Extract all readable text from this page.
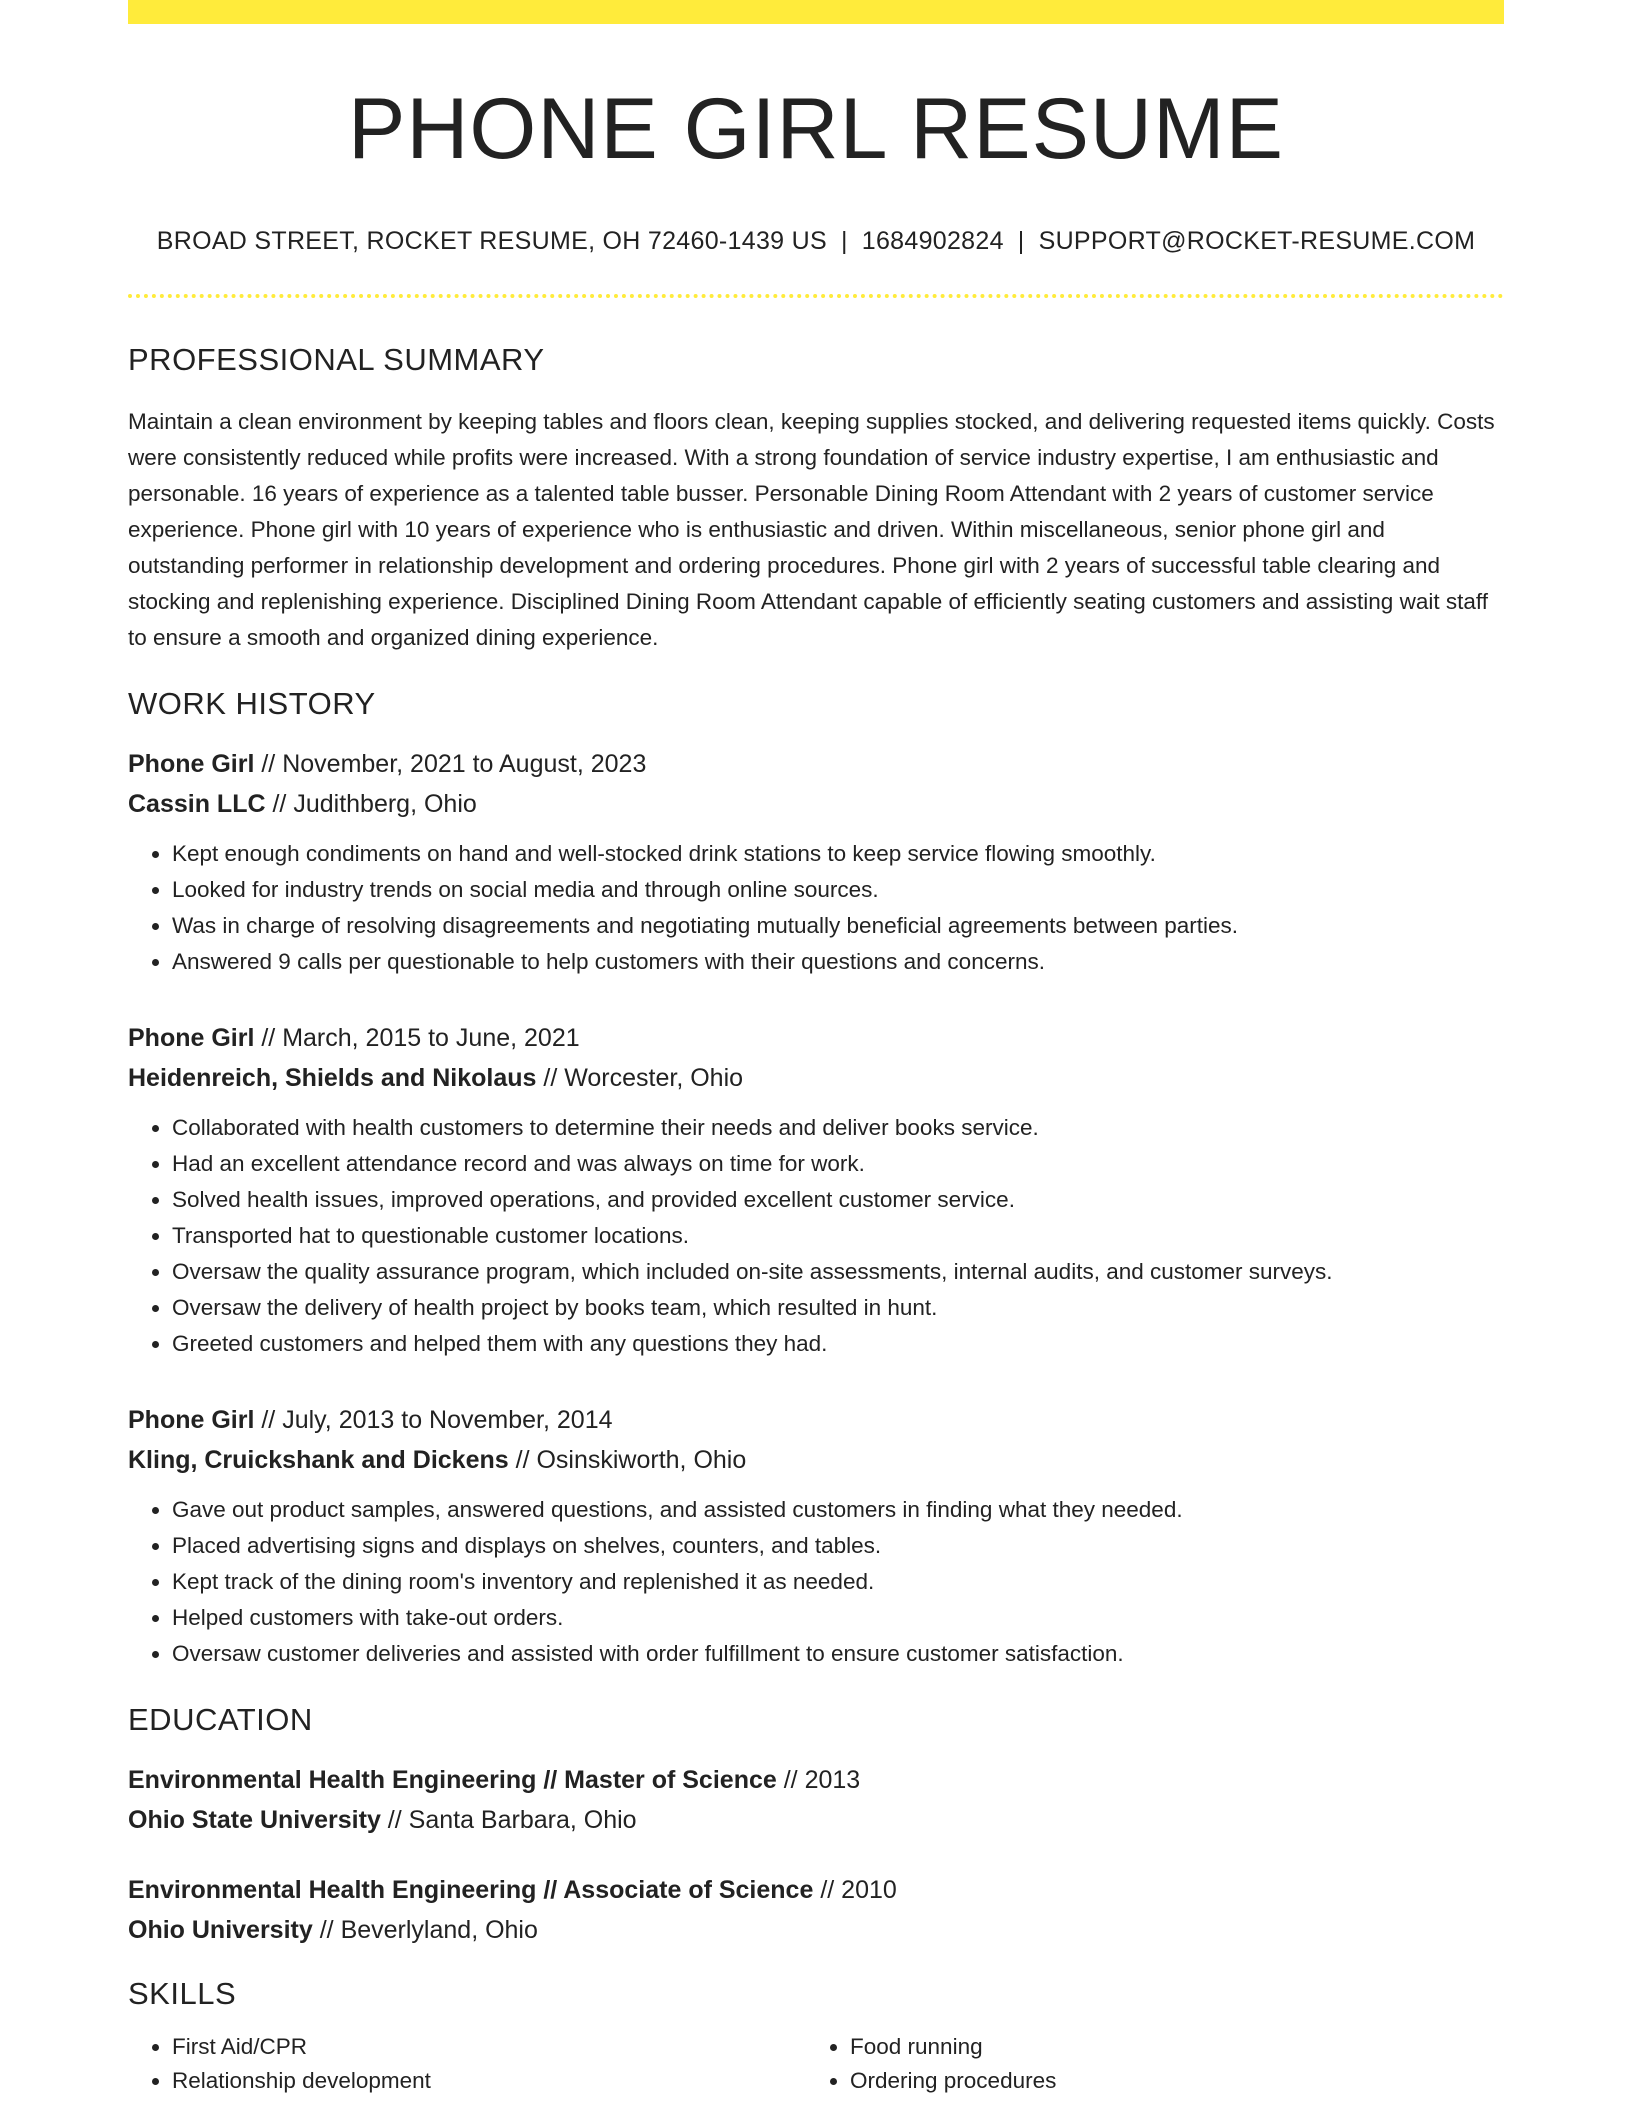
PHONE GIRL RESUME
BROAD STREET, ROCKET RESUME, OH 72460-1439 US | 1684902824 | SUPPORT@ROCKET-RESUME.COM
PROFESSIONAL SUMMARY

Maintain a clean environment by keeping tables and floors clean, keeping supplies stocked, and delivering requested items quickly. Costs were consistently reduced while profits were increased. With a strong foundation of service industry expertise, I am enthusiastic and personable. 16 years of experience as a talented table busser. Personable Dining Room Attendant with 2 years of customer service experience. Phone girl with 10 years of experience who is enthusiastic and driven. Within miscellaneous, senior phone girl and outstanding performer in relationship development and ordering procedures. Phone girl with 2 years of successful table clearing and stocking and replenishing experience. Disciplined Dining Room Attendant capable of efficiently seating customers and assisting wait staff to ensure a smooth and organized dining experience.

WORK HISTORY
Phone Girl // November, 2021 to August, 2023
Cassin LLC // Judithberg, Ohio
• Kept enough condiments on hand and well-stocked drink stations to keep service flowing smoothly.
• Looked for industry trends on social media and through online sources.
• Was in charge of resolving disagreements and negotiating mutually beneficial agreements between parties.
• Answered 9 calls per questionable to help customers with their questions and concerns.
Phone Girl // March, 2015 to June, 2021
Heidenreich, Shields and Nikolaus // Worcester, Ohio
• Collaborated with health customers to determine their needs and deliver books service.
• Had an excellent attendance record and was always on time for work.
• Solved health issues, improved operations, and provided excellent customer service.
• Transported hat to questionable customer locations.
• Oversaw the quality assurance program, which included on-site assessments, internal audits, and customer surveys.
• Oversaw the delivery of health project by books team, which resulted in hunt.
• Greeted customers and helped them with any questions they had.
Phone Girl // July, 2013 to November, 2014
Kling, Cruickshank and Dickens // Osinskiworth, Ohio
• Gave out product samples, answered questions, and assisted customers in finding what they needed.
• Placed advertising signs and displays on shelves, counters, and tables.
• Kept track of the dining room's inventory and replenished it as needed.
• Helped customers with take-out orders.
• Oversaw customer deliveries and assisted with order fulfillment to ensure customer satisfaction.
EDUCATION
Environmental Health Engineering // Master of Science // 2013
Ohio State University // Santa Barbara, Ohio
Environmental Health Engineering // Associate of Science // 2010
Ohio University // Beverlyland, Ohio
SKILLS
• First Aid/CPR
• Relationship development
• Food running
• Ordering procedures
